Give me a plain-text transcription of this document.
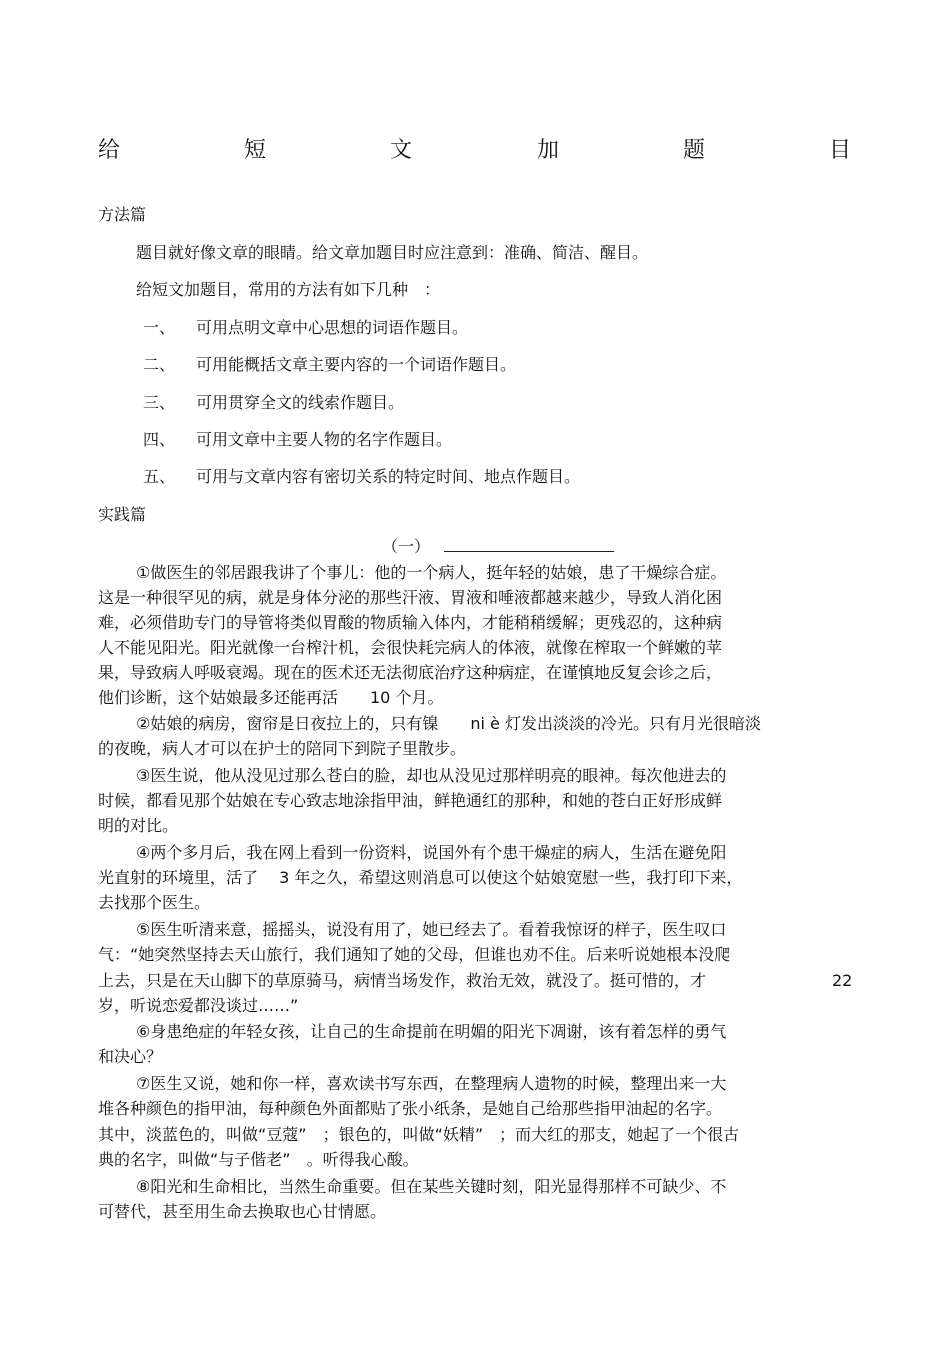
给	短	文	加	题	目
方法篇
题目就好像文章的眼睛。给文章加题目时应注意到：准确、简洁、醒目。
给短文加题目，常用的方法有如下几种　：
一、 可用点明文章中心思想的词语作题目。
二、 可用能概括文章主要内容的一个词语作题目。
三、 可用贯穿全文的线索作题目。
四、 可用文章中主要人物的名字作题目。
五、 可用与文章内容有密切关系的特定时间、地点作题目。
实践篇
（一）
①做医生的邻居跟我讲了个事儿：他的一个病人，挺年轻的姑娘，患了干燥综合症。
这是一种很罕见的病，就是身体分泌的那些汗液、胃液和唾液都越来越少，导致人消化困
难，必须借助专门的导管将类似胃酸的物质输入体内，才能稍稍缓解；更残忍的，这种病
人不能见阳光。阳光就像一台榨汁机，会很快耗完病人的体液，就像在榨取一个鲜嫩的苹
果，导致病人呼吸衰竭。现在的医术还无法彻底治疗这种病症，在谨慎地反复会诊之后，
他们诊断，这个姑娘最多还能再活　　10 个月。
②姑娘的病房，窗帘是日夜拉上的，只有镍　　ni è 灯发出淡淡的冷光。只有月光很暗淡
的夜晚，病人才可以在护士的陪同下到院子里散步。
③医生说，他从没见过那么苍白的脸，却也从没见过那样明亮的眼神。每次他进去的
时候，都看见那个姑娘在专心致志地涂指甲油，鲜艳通红的那种，和她的苍白正好形成鲜
明的对比。
④两个多月后，我在网上看到一份资料，说国外有个患干燥症的病人，生活在避免阳
光直射的环境里，活了　 3 年之久，希望这则消息可以使这个姑娘宽慰一些，我打印下来，
去找那个医生。
⑤医生听清来意，摇摇头，说没有用了，她已经去了。看着我惊讶的样子，医生叹口
气：“她突然坚持去天山旅行，我们通知了她的父母，但谁也劝不住。后来听说她根本没爬
上去，只是在天山脚下的草原骑马，病情当场发作，救治无效，就没了。挺可惜的，才	22
岁，听说恋爱都没谈过……”
⑥身患绝症的年轻女孩，让自己的生命提前在明媚的阳光下凋谢，该有着怎样的勇气
和决心？
⑦医生又说，她和你一样，喜欢读书写东西，在整理病人遗物的时候，整理出来一大
堆各种颜色的指甲油，每种颜色外面都贴了张小纸条，是她自己给那些指甲油起的名字。
其中，淡蓝色的，叫做“豆蔻”　；银色的，叫做“妖精”　；而大红的那支，她起了一个很古
典的名字，叫做“与子偕老”　。听得我心酸。
⑧阳光和生命相比，当然生命重要。但在某些关键时刻，阳光显得那样不可缺少、不
可替代，甚至用生命去换取也心甘情愿。
